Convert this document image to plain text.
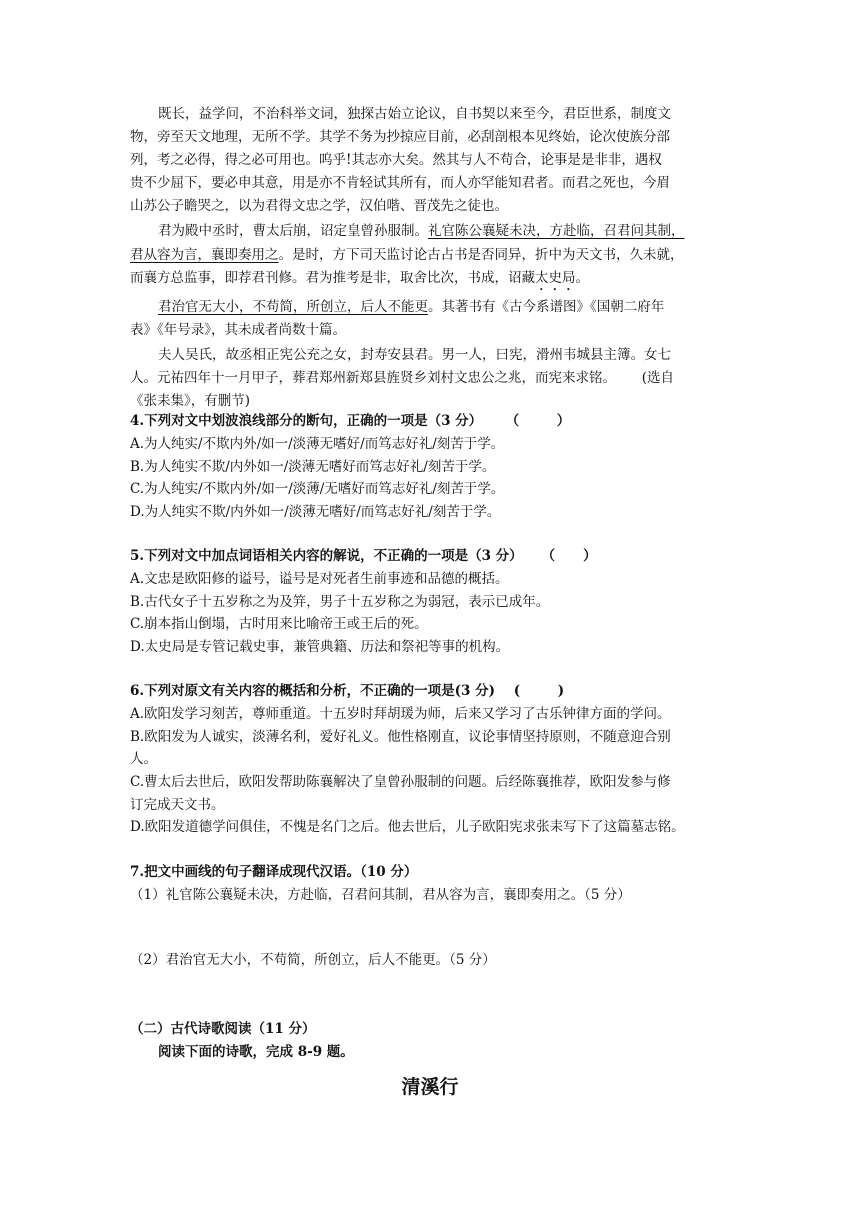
既长，益学问，不治科举文词，独探古始立论议，自书契以来至今，君臣世系，制度文
物，旁至天文地理，无所不学。其学不务为抄掠应目前，必刮剖根本见终始，论次使族分部
列，考之必得，得之必可用也。呜乎!其志亦大矣。然其与人不苟合，论事是是非非，遇权
贵不少屈下，要必申其意，用是亦不肯轻试其所有，而人亦罕能知君者。而君之死也，今眉
山苏公子瞻哭之，以为君得文忠之学，汉伯喈、晋茂先之徒也。
君为殿中丞时，曹太后崩，诏定皇曾孙服制。礼官陈公襄疑未决，方赴临，召君问其制，
君从容为言，襄即奏用之。是时，方下司天监讨论古占书是否同异，折中为天文书，久未就，
而襄方总监事，即荐君刊修。君为推考是非，取舍比次，书成，诏藏太史局。
君治官无大小，不苟简，所创立，后人不能更。其著书有《古今系谱图》《国朝二府年
表》《年号录》，其未成者尚数十篇。
夫人吴氏，故丞相正宪公充之女，封寿安县君。男一人，曰宪，滑州韦城县主簿。女七
人。元祐四年十一月甲子，葬君郑州新郑县旌贤乡刘村文忠公之兆，而宪来求铭。      (选自
《张耒集》，有删节)
4.下列对文中划波浪线部分的断句，正确的一项是（3 分）     （        ）
A.为人纯实/不欺内外/如一/淡薄无嗜好/而笃志好礼/刻苦于学。
B.为人纯实不欺/内外如一/淡薄无嗜好而笃志好礼/刻苦于学。
C.为人纯实/不欺内外/如一/淡薄/无嗜好而笃志好礼/刻苦于学。
D.为人纯实不欺/内外如一/淡薄无嗜好/而笃志好礼/刻苦于学。
5.下列对文中加点词语相关内容的解说，不正确的一项是（3 分）    （      ）
A.文忠是欧阳修的谥号，谥号是对死者生前事迹和品德的概括。
B.古代女子十五岁称之为及笄，男子十五岁称之为弱冠，表示已成年。
C.崩本指山倒塌，古时用来比喻帝王或王后的死。
D.太史局是专管记载史事，兼管典籍、历法和祭祀等事的机构。
6.下列对原文有关内容的概括和分析，不正确的一项是(3 分)    (        )
A.欧阳发学习刻苦，尊师重道。十五岁时拜胡瑗为师，后来又学习了古乐钟律方面的学问。
B.欧阳发为人诚实，淡薄名利，爱好礼义。他性格刚直，议论事情坚持原则，不随意迎合别
人。
C.曹太后去世后，欧阳发帮助陈襄解决了皇曾孙服制的问题。后经陈襄推荐，欧阳发参与修
订完成天文书。
D.欧阳发道德学问俱佳，不愧是名门之后。他去世后，儿子欧阳宪求张耒写下了这篇墓志铭。
7.把文中画线的句子翻译成现代汉语。（10 分）
（1）礼官陈公襄疑未决，方赴临，召君问其制，君从容为言，襄即奏用之。（5 分）
（2）君治官无大小，不苟简，所创立，后人不能更。（5 分）
（二）古代诗歌阅读（11 分）
阅读下面的诗歌，完成 8-9 题。
清溪行
